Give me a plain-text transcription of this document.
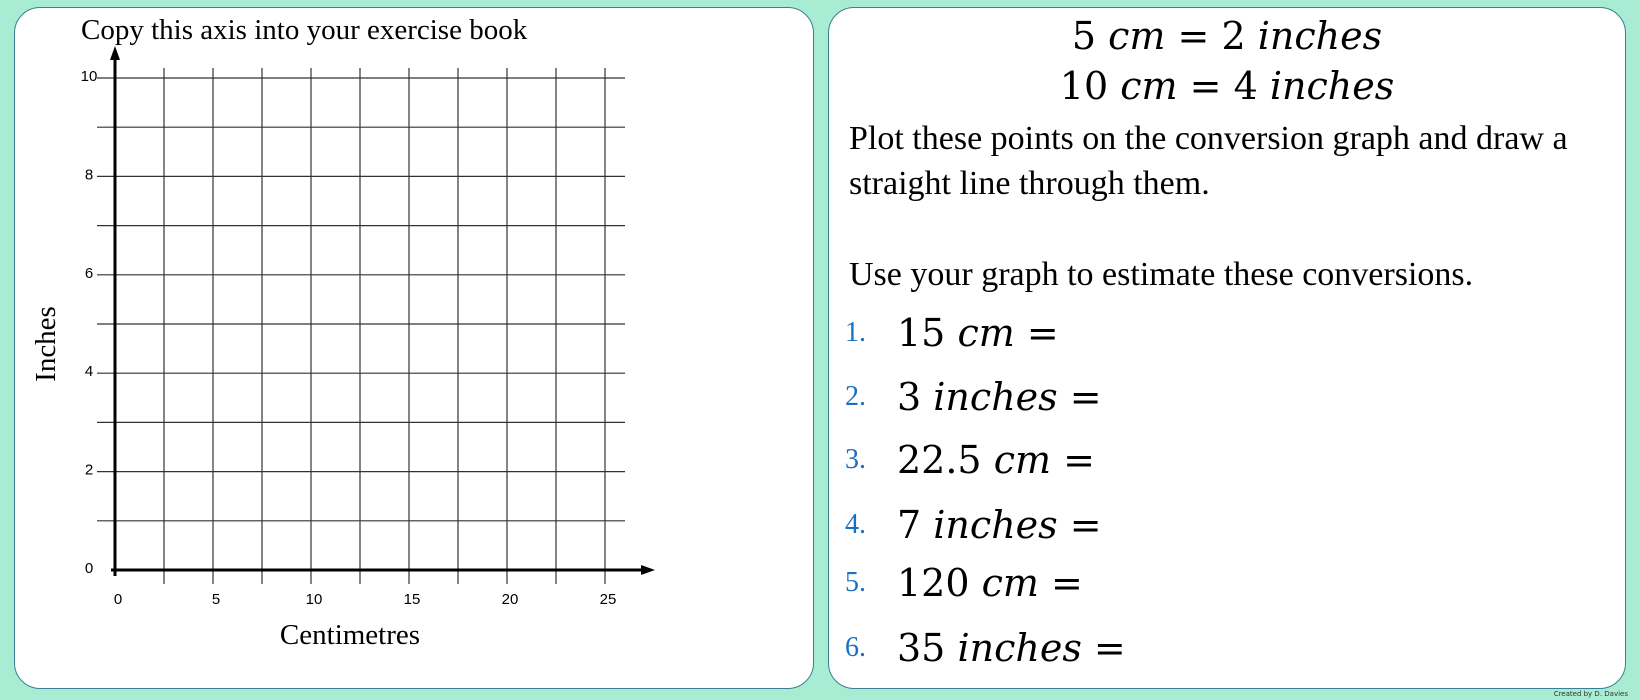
Copy this axis into your exercise book

0	5	10	15	20	25
0
2
4
6
8
10
Centimetres
Inches
5 cm = 2 inches
10 cm = 4 inches

Plot these points on the conversion graph and draw a straight line through them.

Use your graph to estimate these conversions.

1. 15 cm =
2. 3 inches =
3. 22.5 cm =
4. 7 inches =
5. 120 cm =
6. 35 inches =
Created by D. Davies
